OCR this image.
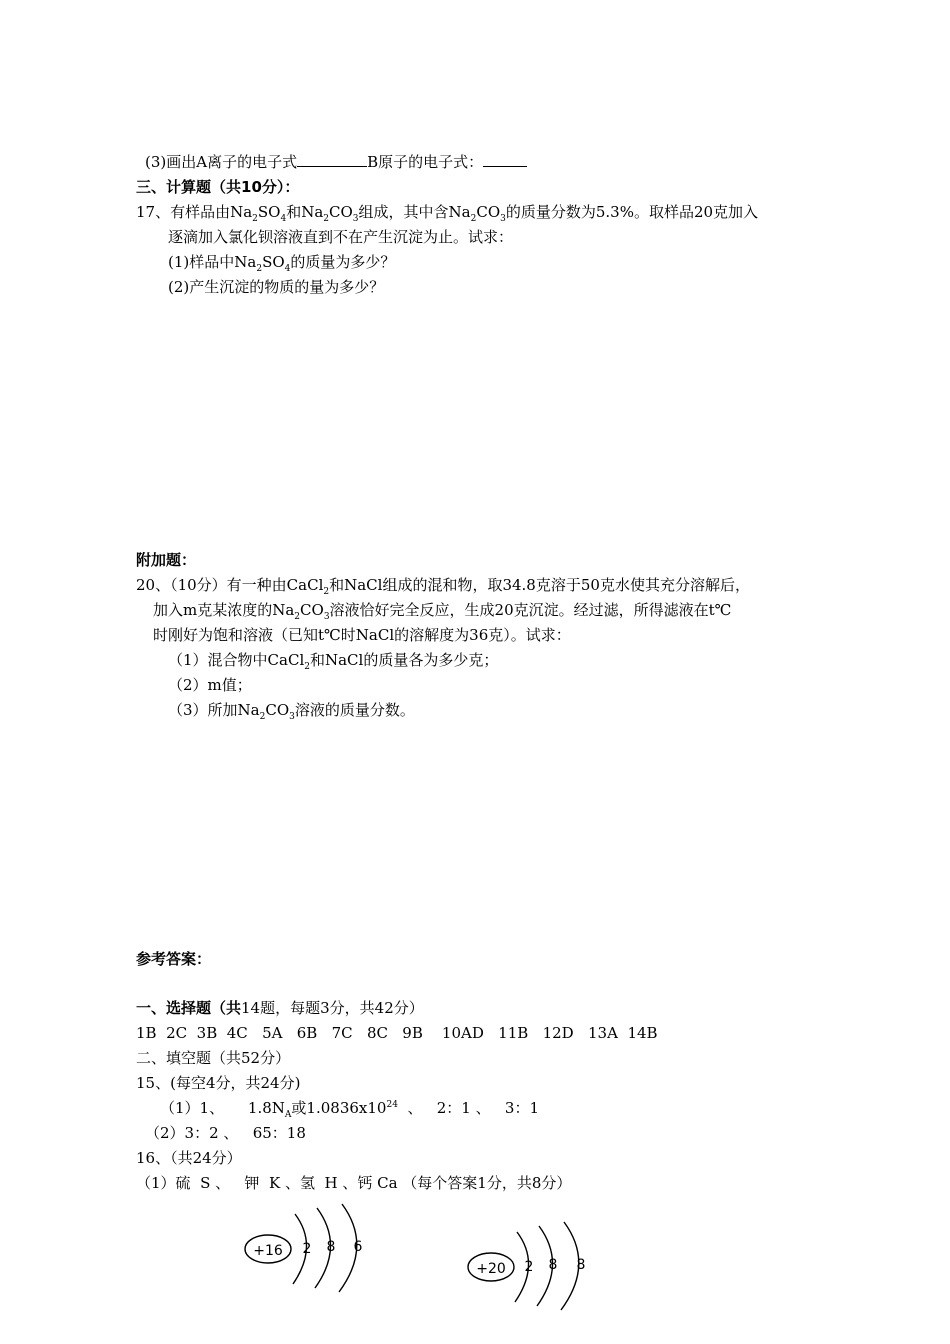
(3)画出A离子的电子式	B原子的电子式：
三、计算题（共10分）：
17、有样品由$Na_2SO_4$和$Na_2CO_3$组成，其中含$Na_2CO_3$的质量分数为5.3%。取样品20克加入
逐滴加入氯化钡溶液直到不在产生沉淀为止。试求：
(1)样品中$Na_2SO_4$的质量为多少？
(2)产生沉淀的物质的量为多少？
附加题：
20、（10分）有一种由CaCl$_2$和NaCl组成的混和物，取34.8克溶于50克水使其充分溶解后，
加入m克某浓度的$Na_2CO_3$溶液恰好完全反应，生成20克沉淀。经过滤，所得滤液在t℃
时刚好为饱和溶液（已知t℃时NaCl的溶解度为36克）。试求：
（1）混合物中CaCl$_2$和NaCl的质量各为多少克；
（2）m值；
（3）所加$Na_2CO_3$溶液的质量分数。
参考答案：
一、选择题（共14题，每题3分，共42分）
1B  2C  3B  4C   5A   6B   7C   8C   9B    10AD   11B   12D   13A  14B
二、填空题（共52分）
15、(每空4分，共24分)
（1）1、     $1.8N_A$或$1.0836x10^{24}$  、   2：1 、   3：1
（2）3：2 、   65：18
16、（共24分）
（1）硫  S 、   钾  K 、氢  H 、钙 Ca （每个答案1分，共8分）
+16 2 8 6
+20 2 8 8
